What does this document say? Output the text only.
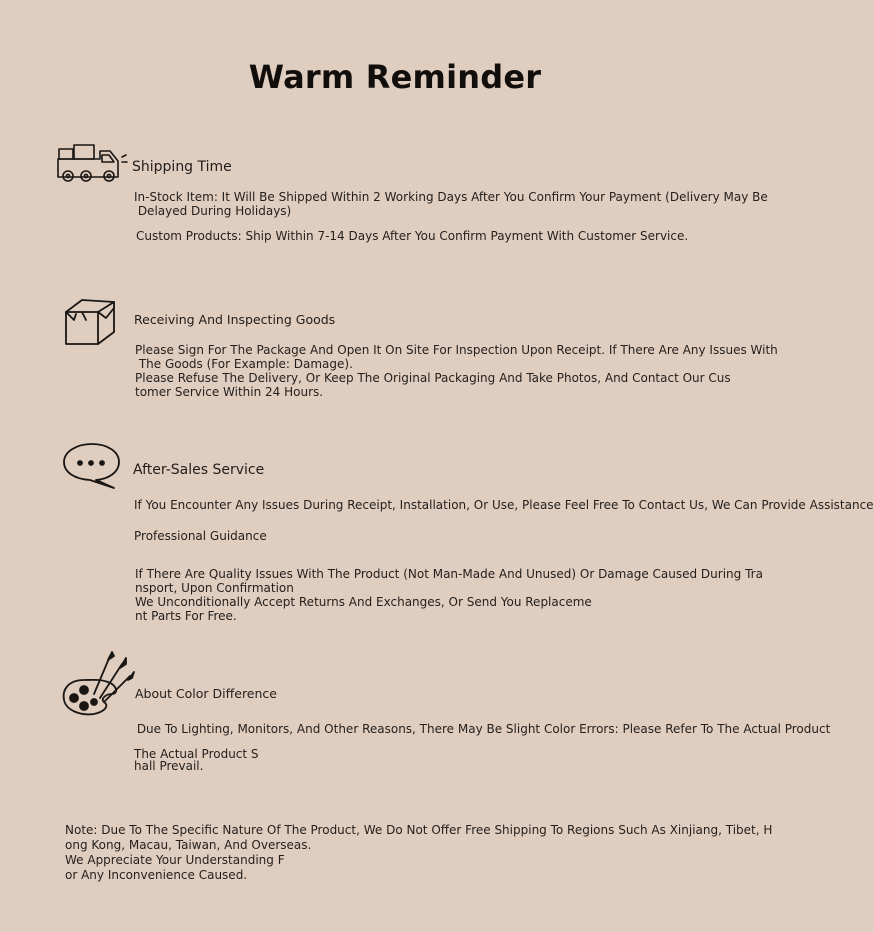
Warm Reminder
Shipping Time
In-Stock Item: It Will Be Shipped Within 2 Working Days After You Confirm Your Payment (Delivery May Be
Delayed During Holidays)
Custom Products: Ship Within 7-14 Days After You Confirm Payment With Customer Service.
Receiving And Inspecting Goods
Please Sign For The Package And Open It On Site For Inspection Upon Receipt. If There Are Any Issues With
The Goods (For Example: Damage).
Please Refuse The Delivery, Or Keep The Original Packaging And Take Photos, And Contact Our Cus
tomer Service Within 24 Hours.
After-Sales Service
If You Encounter Any Issues During Receipt, Installation, Or Use, Please Feel Free To Contact Us, We Can Provide Assistance
Professional Guidance
If There Are Quality Issues With The Product (Not Man-Made And Unused) Or Damage Caused During Tra
nsport, Upon Confirmation
We Unconditionally Accept Returns And Exchanges, Or Send You Replaceme
nt Parts For Free.
About Color Difference
Due To Lighting, Monitors, And Other Reasons, There May Be Slight Color Errors: Please Refer To The Actual Product
The Actual Product S
hall Prevail.
Note: Due To The Specific Nature Of The Product, We Do Not Offer Free Shipping To Regions Such As Xinjiang, Tibet, H
ong Kong, Macau, Taiwan, And Overseas.
We Appreciate Your Understanding F
or Any Inconvenience Caused.
